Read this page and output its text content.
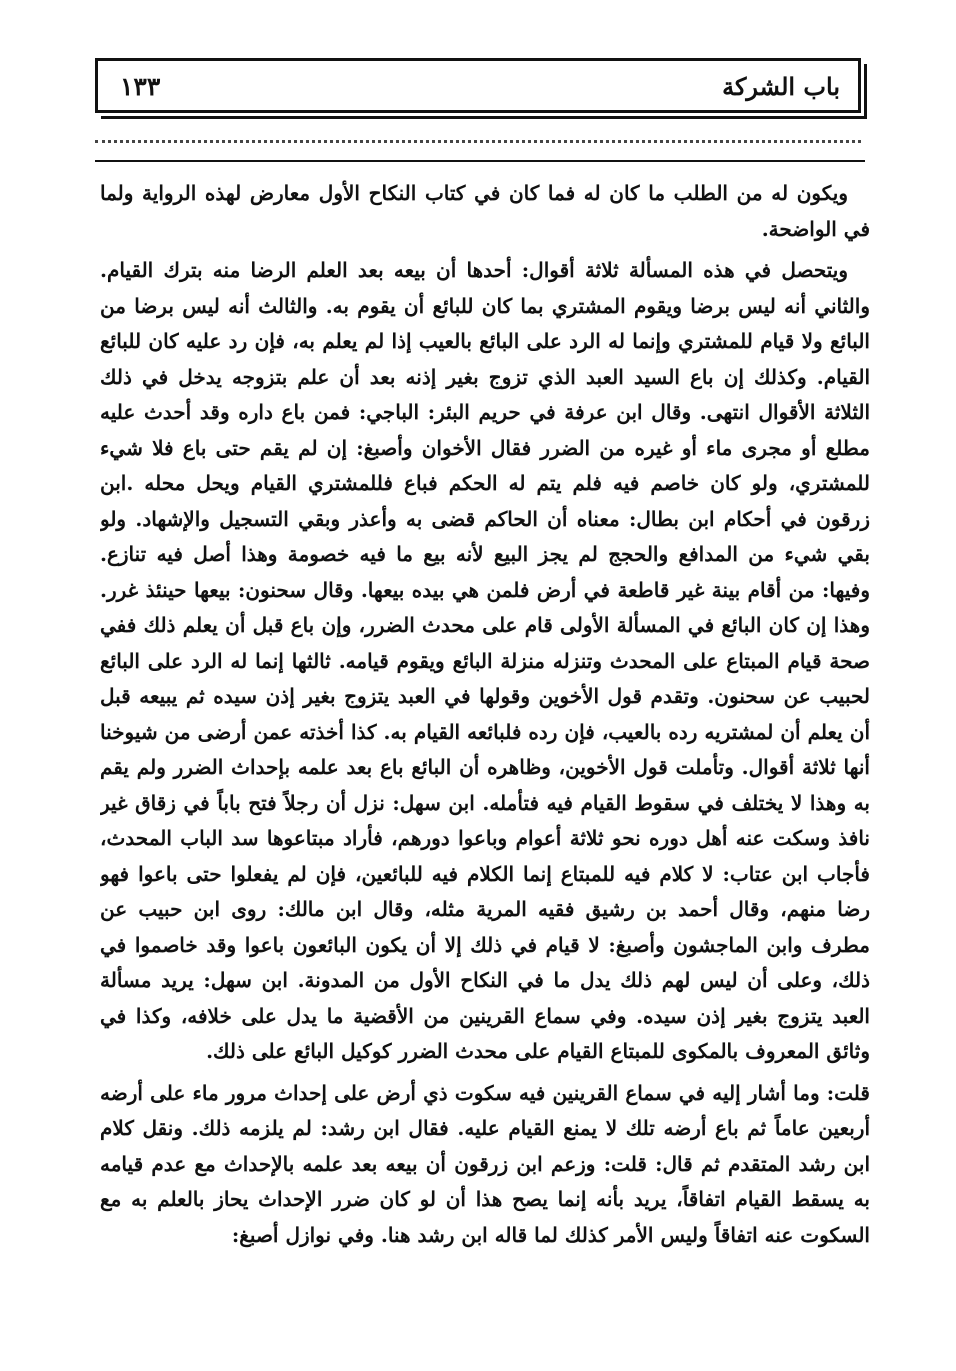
باب الشركة
١٣٣

ويكون له من الطلب ما كان له فما كان في كتاب النكاح الأول معارض لهذه الرواية ولما في الواضحة.

ويتحصل في هذه المسألة ثلاثة أقوال: أحدها أن بيعه بعد العلم الرضا منه بترك القيام. والثاني أنه ليس برضا ويقوم المشتري بما كان للبائع أن يقوم به. والثالث أنه ليس برضا من البائع ولا قيام للمشتري وإنما له الرد على البائع بالعيب إذا لم يعلم به، فإن رد عليه كان للبائع القيام. وكذلك إن باع السيد العبد الذي تزوج بغير إذنه بعد أن علم بتزوجه يدخل في ذلك الثلاثة الأقوال انتهى. وقال ابن عرفة في حريم البئر: الباجي: فمن باع داره وقد أحدث عليه مطلع أو مجرى ماء أو غيره من الضرر فقال الأخوان وأصبغ: إن لم يقم حتى باع فلا شيء للمشتري، ولو كان خاصم فيه فلم يتم له الحكم فباع فللمشتري القيام ويحل محله .ابن زرقون في أحكام ابن بطال: معناه أن الحاكم قضى به وأعذر وبقي التسجيل والإشهاد. ولو بقي شيء من المدافع والحجج لم يجز البيع لأنه بيع ما فيه خصومة وهذا أصل فيه تنازع. وفيها: من أقام بينة غير قاطعة في أرض فلمن هي بيده بيعها. وقال سحنون: بيعها حينئذ غرر. وهذا إن كان البائع في المسألة الأولى قام على محدث الضرر، وإن باع قبل أن يعلم ذلك ففي صحة قيام المبتاع على المحدث وتنزله منزلة البائع ويقوم قيامه. ثالثها إنما له الرد على البائع لحبيب عن سحنون. وتقدم قول الأخوين وقولها في العبد يتزوج بغير إذن سيده ثم يبيعه قبل أن يعلم أن لمشتريه رده بالعيب، فإن رده فلبائعه القيام به. كذا أخذته عمن أرضى من شيوخنا أنها ثلاثة أقوال. وتأملت قول الأخوين، وظاهره أن البائع باع بعد علمه بإحداث الضرر ولم يقم به وهذا لا يختلف في سقوط القيام فيه فتأمله. ابن سهل: نزل أن رجلاً فتح باباً في زقاق غير نافذ وسكت عنه أهل دوره نحو ثلاثة أعوام وباعوا دورهم، فأراد مبتاعوها سد الباب المحدث، فأجاب ابن عتاب: لا كلام فيه للمبتاع إنما الكلام فيه للبائعين، فإن لم يفعلوا حتى باعوا فهو رضا منهم، وقال أحمد بن رشيق فقيه المرية مثله، وقال ابن مالك: روى ابن حبيب عن مطرف وابن الماجشون وأصبغ: لا قيام في ذلك إلا أن يكون البائعون باعوا وقد خاصموا في ذلك، وعلى أن ليس لهم ذلك يدل ما في النكاح الأول من المدونة. ابن سهل: يريد مسألة العبد يتزوج بغير إذن سيده. وفي سماع القرينين من الأقضية ما يدل على خلافه، وكذا في وثائق المعروف بالمكوى للمبتاع القيام على محدث الضرر كوكيل البائع على ذلك.

قلت: وما أشار إليه في سماع القرينين فيه سكوت ذي أرض على إحداث مرور ماء على أرضه أربعين عاماً ثم باع أرضه تلك لا يمنع القيام عليه. فقال ابن رشد: لم يلزمه ذلك. ونقل كلام ابن رشد المتقدم ثم قال: قلت: وزعم ابن زرقون أن بيعه بعد علمه بالإحداث مع عدم قيامه به يسقط القيام اتفاقاً، يريد بأنه إنما يصح هذا أن لو كان ضرر الإحداث يحاز بالعلم به مع السكوت عنه اتفاقاً وليس الأمر كذلك لما قاله ابن رشد هنا. وفي نوازل أصبغ:
